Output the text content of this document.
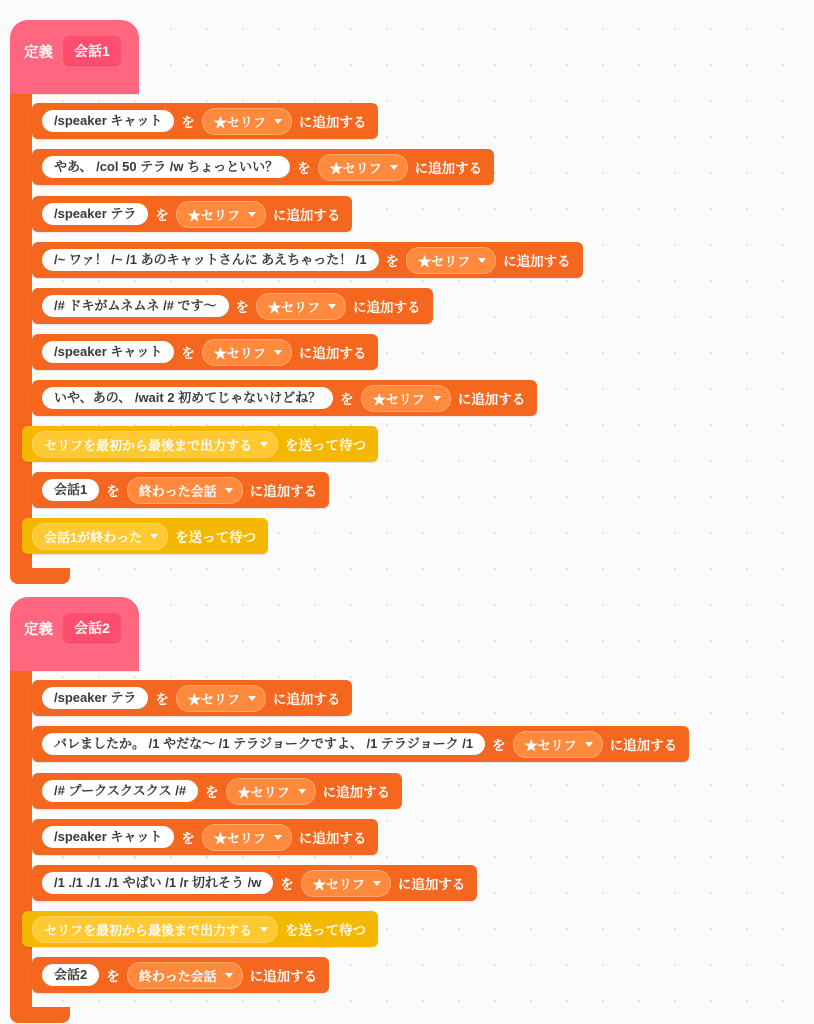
定義	会話1
/speaker キャット	を ★セリフ に追加する
やあ、 /col 50 テラ /w ちょっといい？	を ★セリフ に追加する
/speaker テラ	を ★セリフ に追加する
/~ ワァ！ /~ /1 あのキャットさんに あえちゃった！ /1	を ★セリフ に追加する
/# ドキがムネムネ /# です〜	を ★セリフ に追加する
/speaker キャット	を ★セリフ に追加する
いや、あの、 /wait 2 初めてじゃないけどね？	を ★セリフ に追加する
セリフを最初から最後まで出力する を送って待つ
会話1	を 終わった会話 に追加する
会話1が終わった を送って待つ
定義	会話2
/speaker テラ	を ★セリフ に追加する
バレましたか。 /1 やだな〜 /1 テラジョークですよ、 /1 テラジョーク /1	を ★セリフ に追加する
/# プークスクスクス /#	を ★セリフ に追加する
/speaker キャット	を ★セリフ に追加する
/1 ./1 ./1 ./1 やばい /1 /r 切れそう /w	を ★セリフ に追加する
セリフを最初から最後まで出力する を送って待つ
会話2	を 終わった会話 に追加する
